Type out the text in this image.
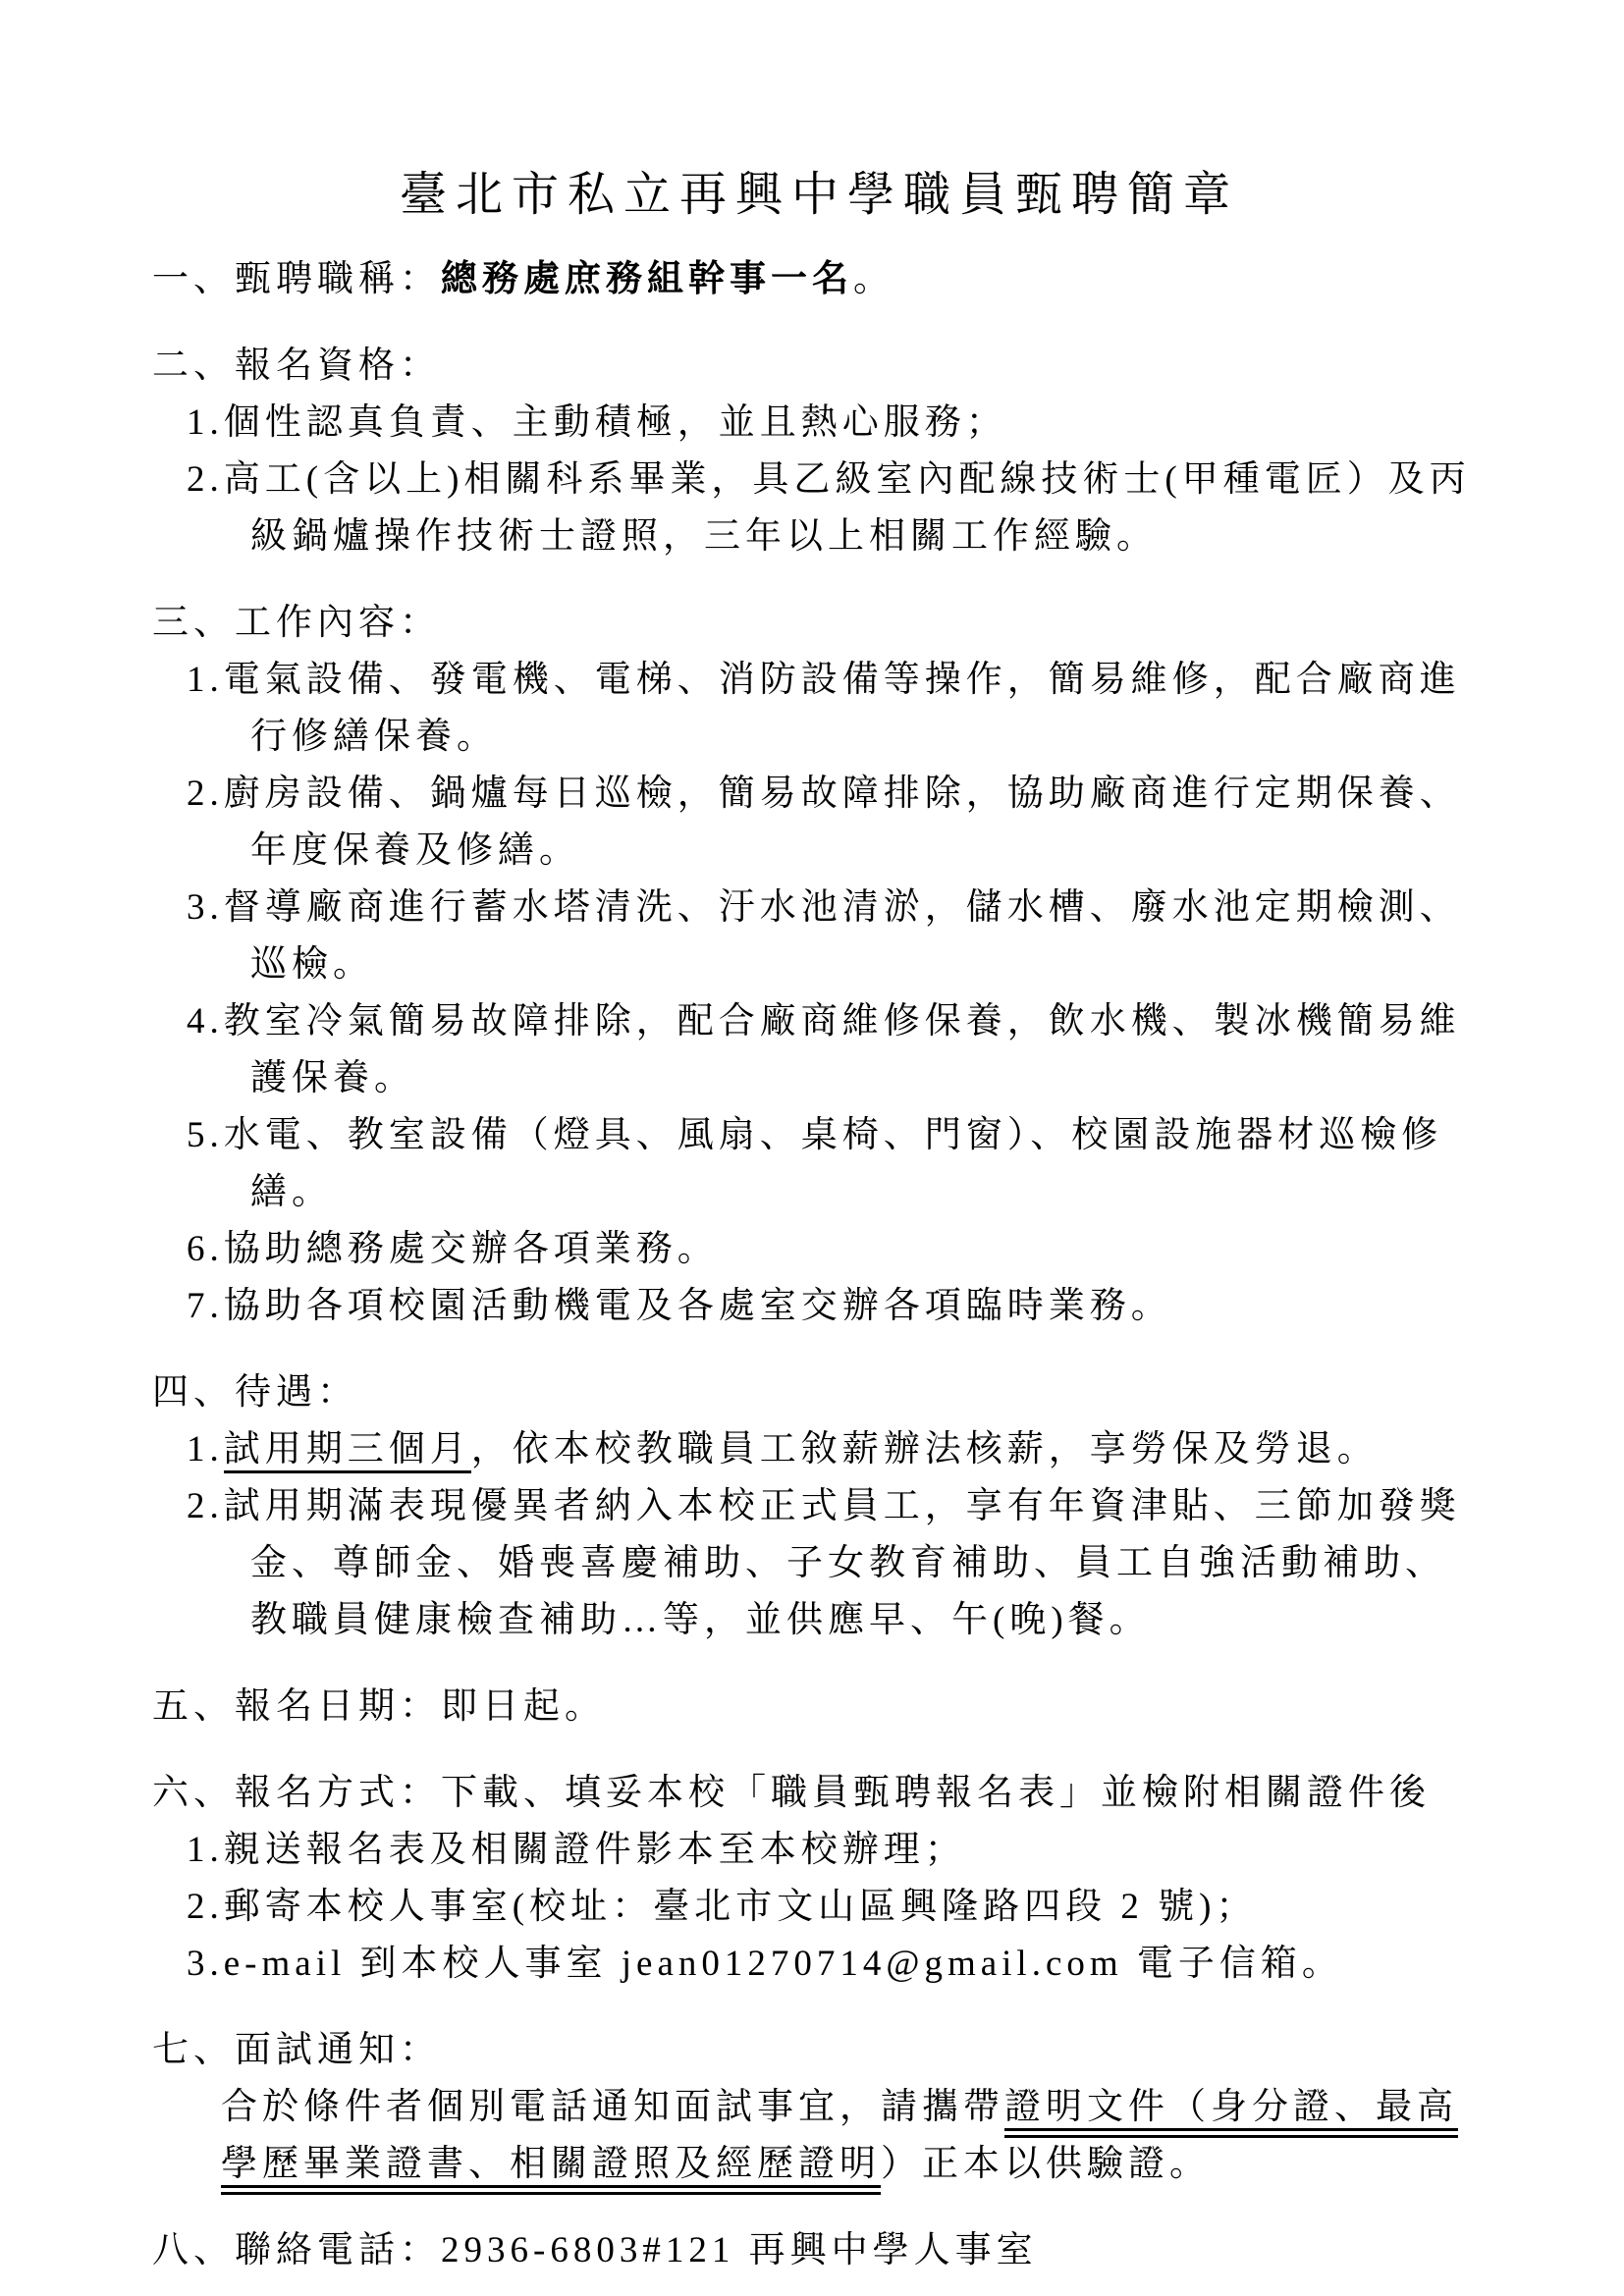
臺北市私立再興中學職員甄聘簡章

一、甄聘職稱：總務處庶務組幹事一名。

二、報名資格：

1.個性認真負責、主動積極，並且熱心服務；

2.高工(含以上)相關科系畢業，具乙級室內配線技術士(甲種電匠）及丙級鍋爐操作技術士證照，三年以上相關工作經驗。

三、工作內容：

1.電氣設備、發電機、電梯、消防設備等操作，簡易維修，配合廠商進行修繕保養。

2.廚房設備、鍋爐每日巡檢，簡易故障排除，協助廠商進行定期保養、年度保養及修繕。

3.督導廠商進行蓄水塔清洗、汙水池清淤，儲水槽、廢水池定期檢測、巡檢。

4.教室冷氣簡易故障排除，配合廠商維修保養，飲水機、製冰機簡易維護保養。

5.水電、教室設備（燈具、風扇、桌椅、門窗）、校園設施器材巡檢修繕。

6.協助總務處交辦各項業務。

7.協助各項校園活動機電及各處室交辦各項臨時業務。

四、待遇：

1.試用期三個月，依本校教職員工敘薪辦法核薪，享勞保及勞退。

2.試用期滿表現優異者納入本校正式員工，享有年資津貼、三節加發獎金、尊師金、婚喪喜慶補助、子女教育補助、員工自強活動補助、教職員健康檢查補助…等，並供應早、午(晚)餐。

五、報名日期：即日起。

六、報名方式：下載、填妥本校「職員甄聘報名表」並檢附相關證件後

1.親送報名表及相關證件影本至本校辦理；

2.郵寄本校人事室(校址：臺北市文山區興隆路四段 2 號)；

3.e-mail 到本校人事室 jean01270714@gmail.com 電子信箱。

七、面試通知：

合於條件者個別電話通知面試事宜，請攜帶證明文件（身分證、最高學歷畢業證書、相關證照及經歷證明）正本以供驗證。

八、聯絡電話：2936-6803#121 再興中學人事室
